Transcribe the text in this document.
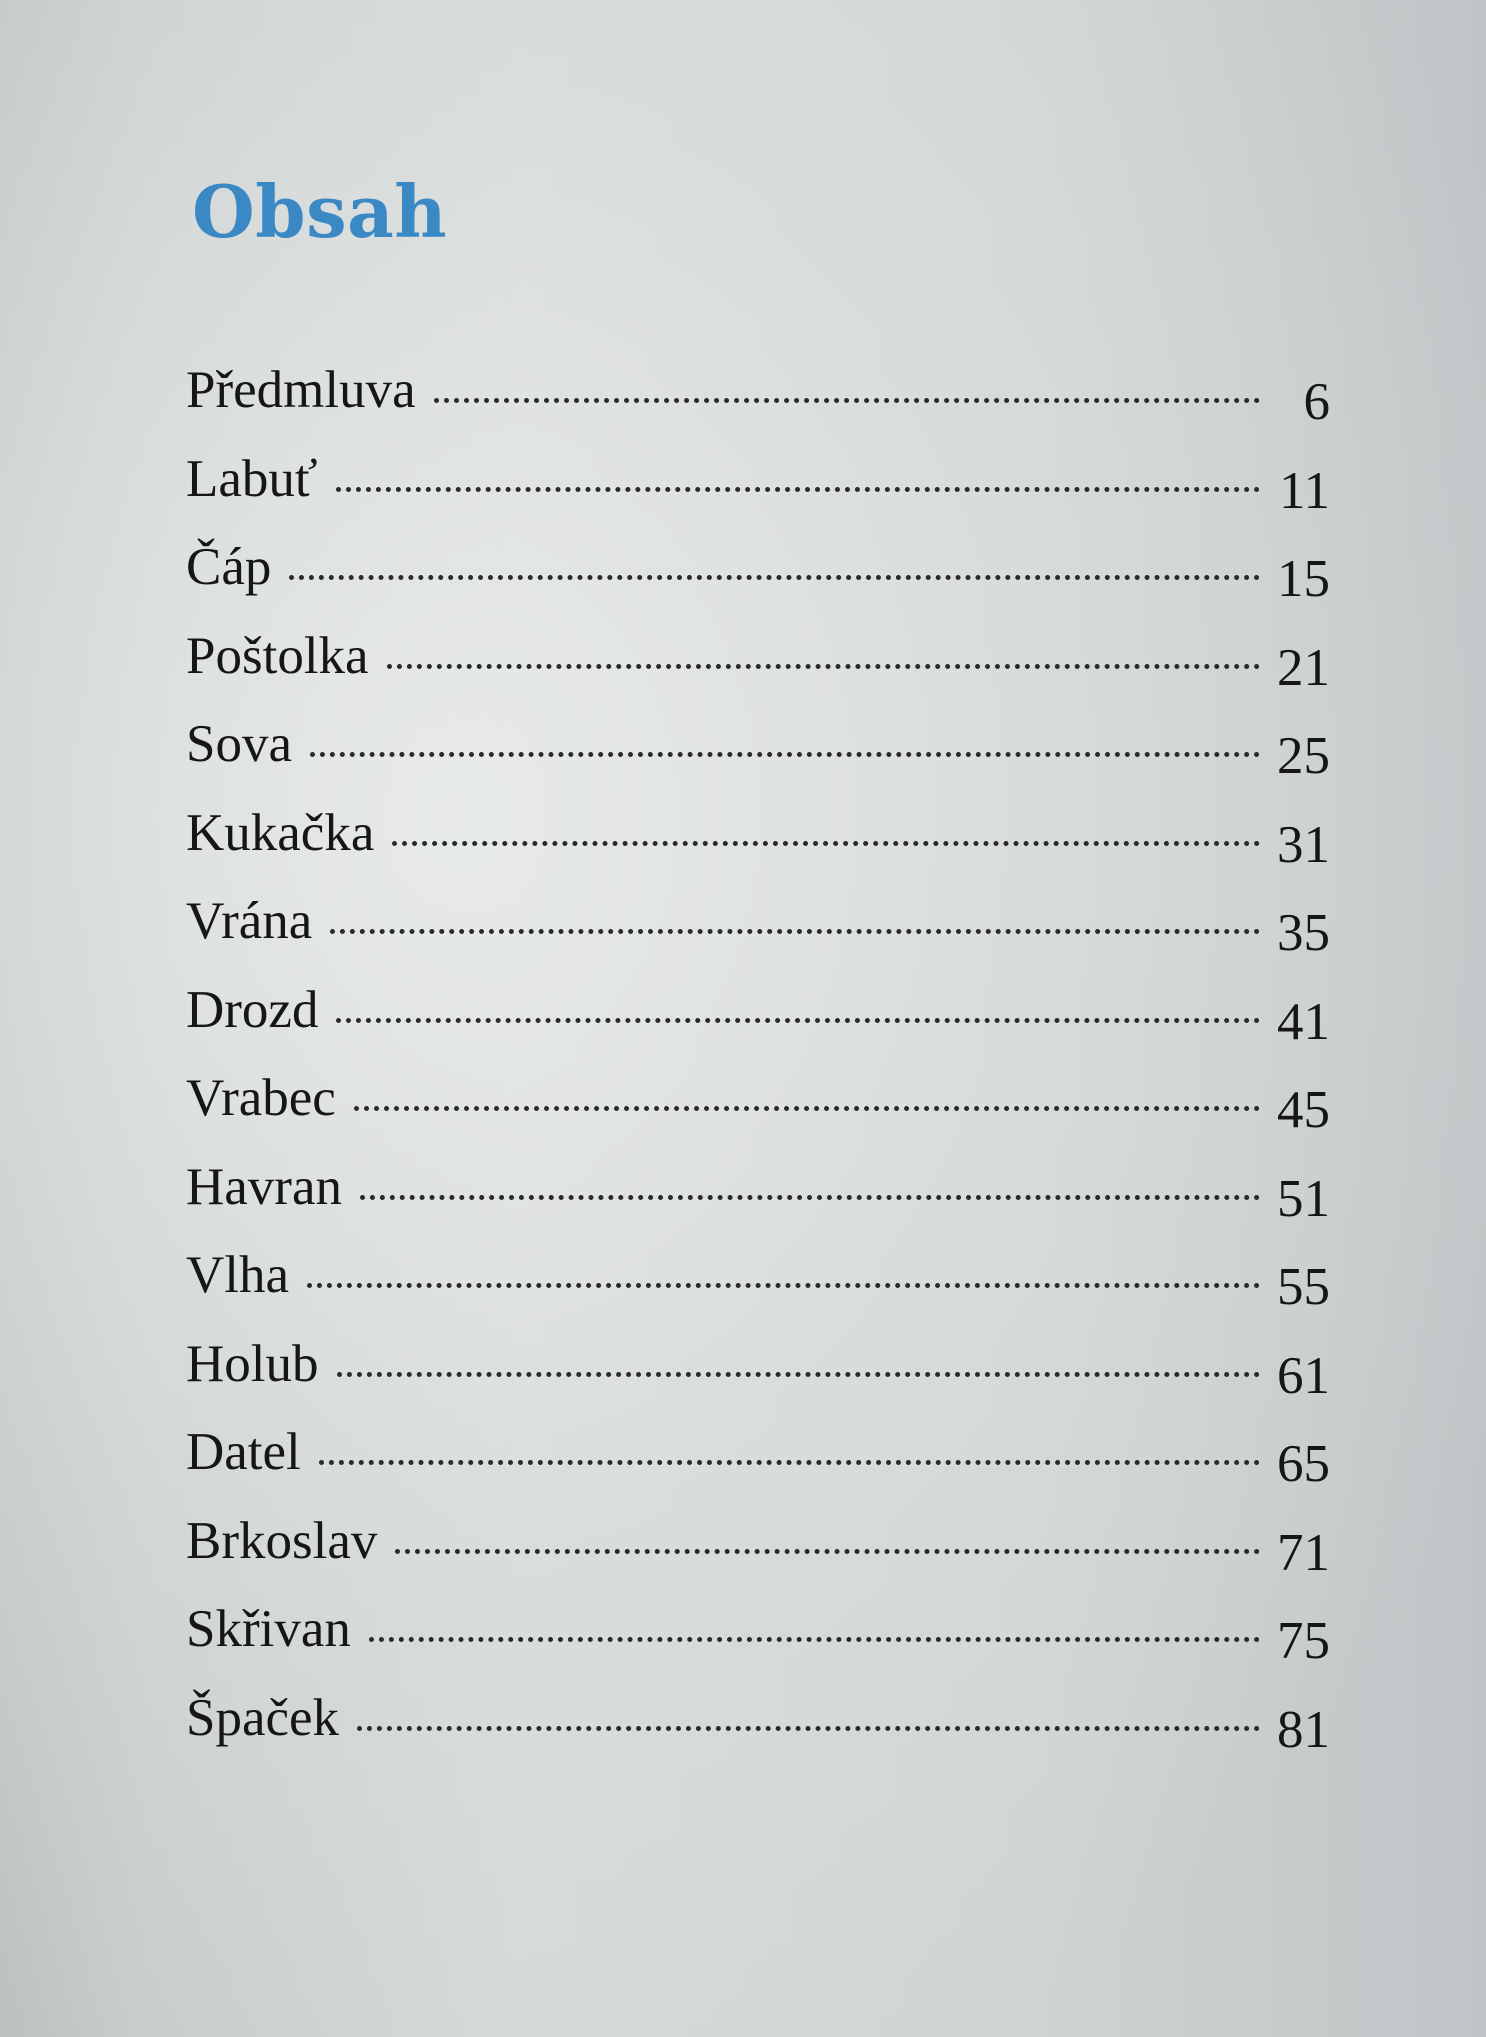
Obsah
Předmluva	6
Labuť	11
Čáp	15
Poštolka	21
Sova	25
Kukačka	31
Vrána	35
Drozd	41
Vrabec	45
Havran	51
Vlha	55
Holub	61
Datel	65
Brkoslav	71
Skřivan	75
Špaček	81
